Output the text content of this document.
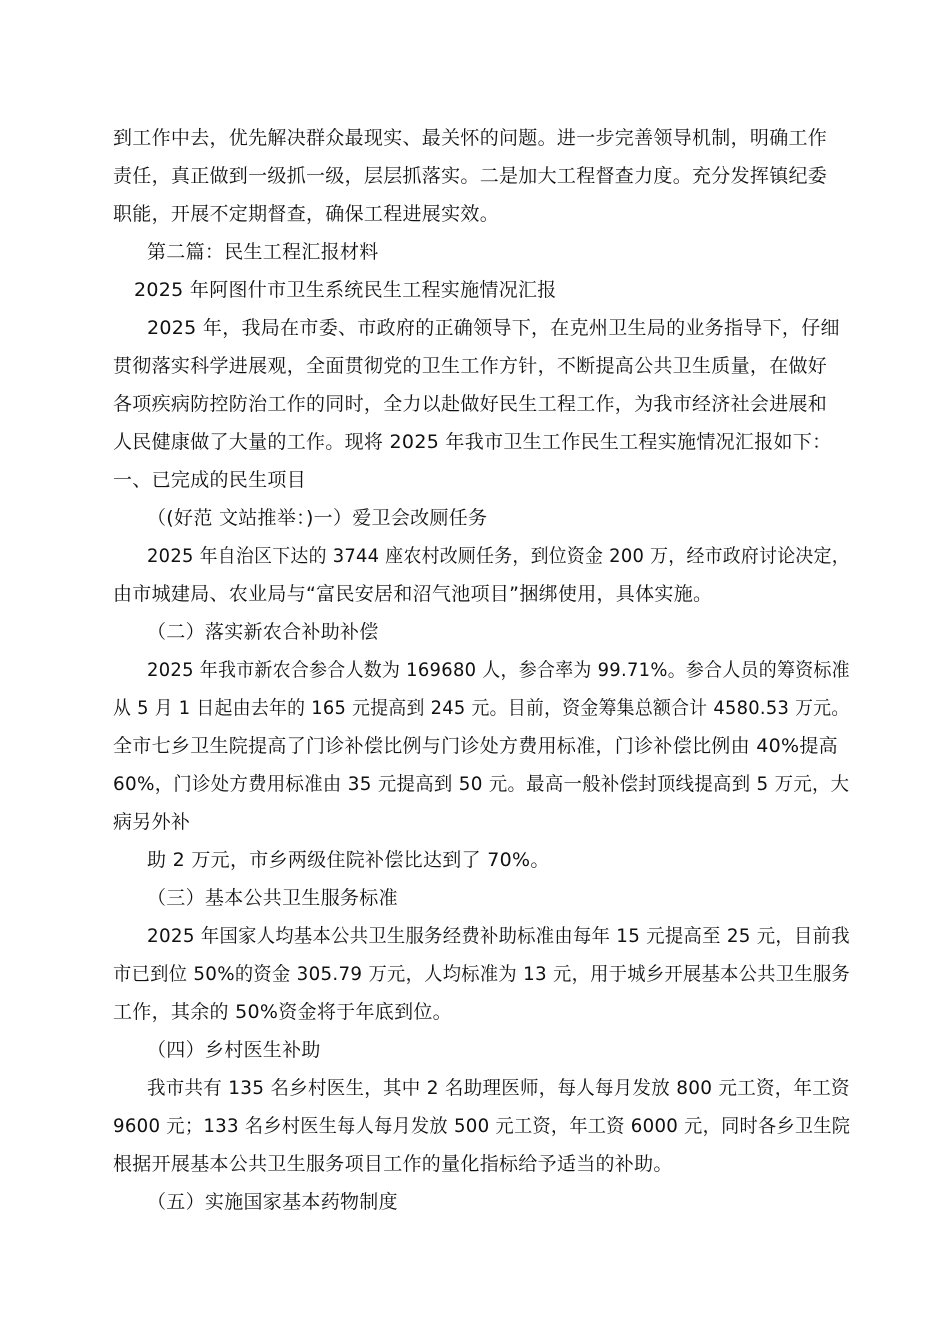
到工作中去，优先解决群众最现实、最关怀的问题。进一步完善领导机制，明确工作
责任，真正做到一级抓一级，层层抓落实。二是加大工程督查力度。充分发挥镇纪委
职能，开展不定期督查，确保工程进展实效。
第二篇：民生工程汇报材料
2025 年阿图什市卫生系统民生工程实施情况汇报
2025 年，我局在市委、市政府的正确领导下，在克州卫生局的业务指导下，仔细
贯彻落实科学进展观，全面贯彻党的卫生工作方针，不断提高公共卫生质量，在做好
各项疾病防控防治工作的同时，全力以赴做好民生工程工作，为我市经济社会进展和
人民健康做了大量的工作。现将 2025 年我市卫生工作民生工程实施情况汇报如下：
一、已完成的民生项目
（(好范 文站推举：)一）爱卫会改厕任务
2025 年自治区下达的 3744 座农村改厕任务，到位资金 200 万，经市政府讨论决定，
由市城建局、农业局与“富民安居和沼气池项目”捆绑使用，具体实施。
（二）落实新农合补助补偿
2025 年我市新农合参合人数为 169680 人，参合率为 99.71%。参合人员的筹资标准
从 5 月 1 日起由去年的 165 元提高到 245 元。目前，资金筹集总额合计 4580.53 万元。
全市七乡卫生院提高了门诊补偿比例与门诊处方费用标准，门诊补偿比例由 40%提高
60%，门诊处方费用标准由 35 元提高到 50 元。最高一般补偿封顶线提高到 5 万元，大
病另外补
助 2 万元，市乡两级住院补偿比达到了 70%。
（三）基本公共卫生服务标准
2025 年国家人均基本公共卫生服务经费补助标准由每年 15 元提高至 25 元，目前我
市已到位 50%的资金 305.79 万元，人均标准为 13 元，用于城乡开展基本公共卫生服务
工作，其余的 50%资金将于年底到位。
（四）乡村医生补助
我市共有 135 名乡村医生，其中 2 名助理医师，每人每月发放 800 元工资，年工资
9600 元；133 名乡村医生每人每月发放 500 元工资，年工资 6000 元，同时各乡卫生院
根据开展基本公共卫生服务项目工作的量化指标给予适当的补助。
（五）实施国家基本药物制度
